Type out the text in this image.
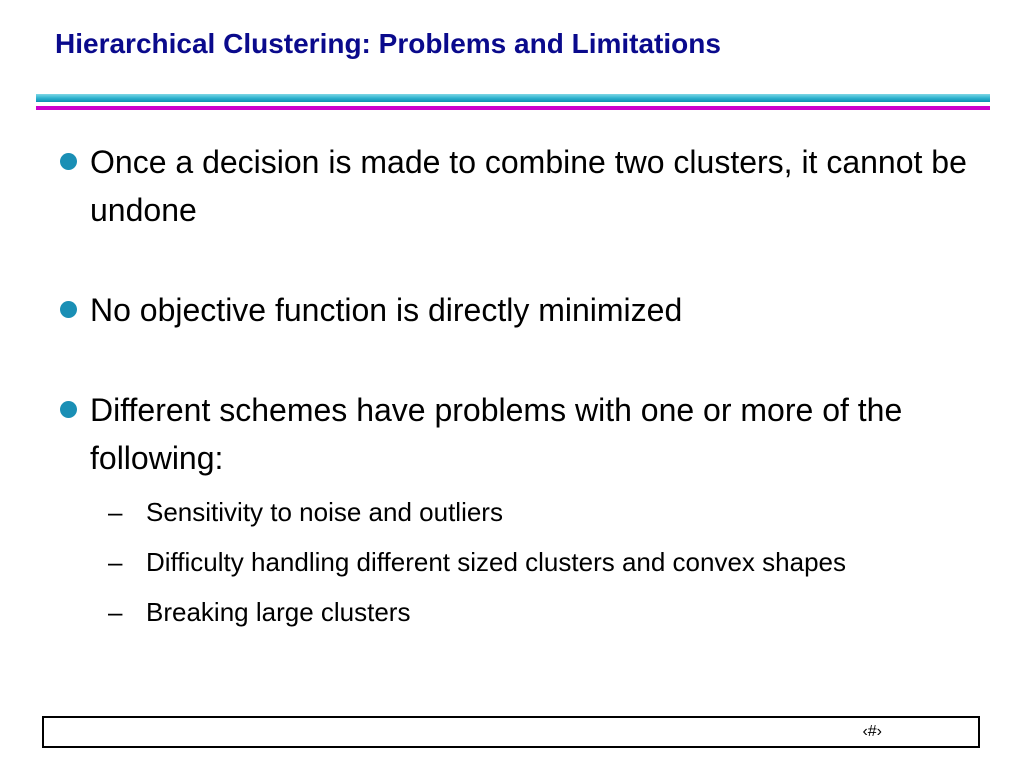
Hierarchical Clustering: Problems and Limitations
Once a decision is made to combine two clusters, it cannot be undone
No objective function is directly minimized
Different schemes have problems with one or more of the following:
– Sensitivity to noise and outliers
– Difficulty handling different sized clusters and convex shapes
– Breaking large clusters
‹#›
